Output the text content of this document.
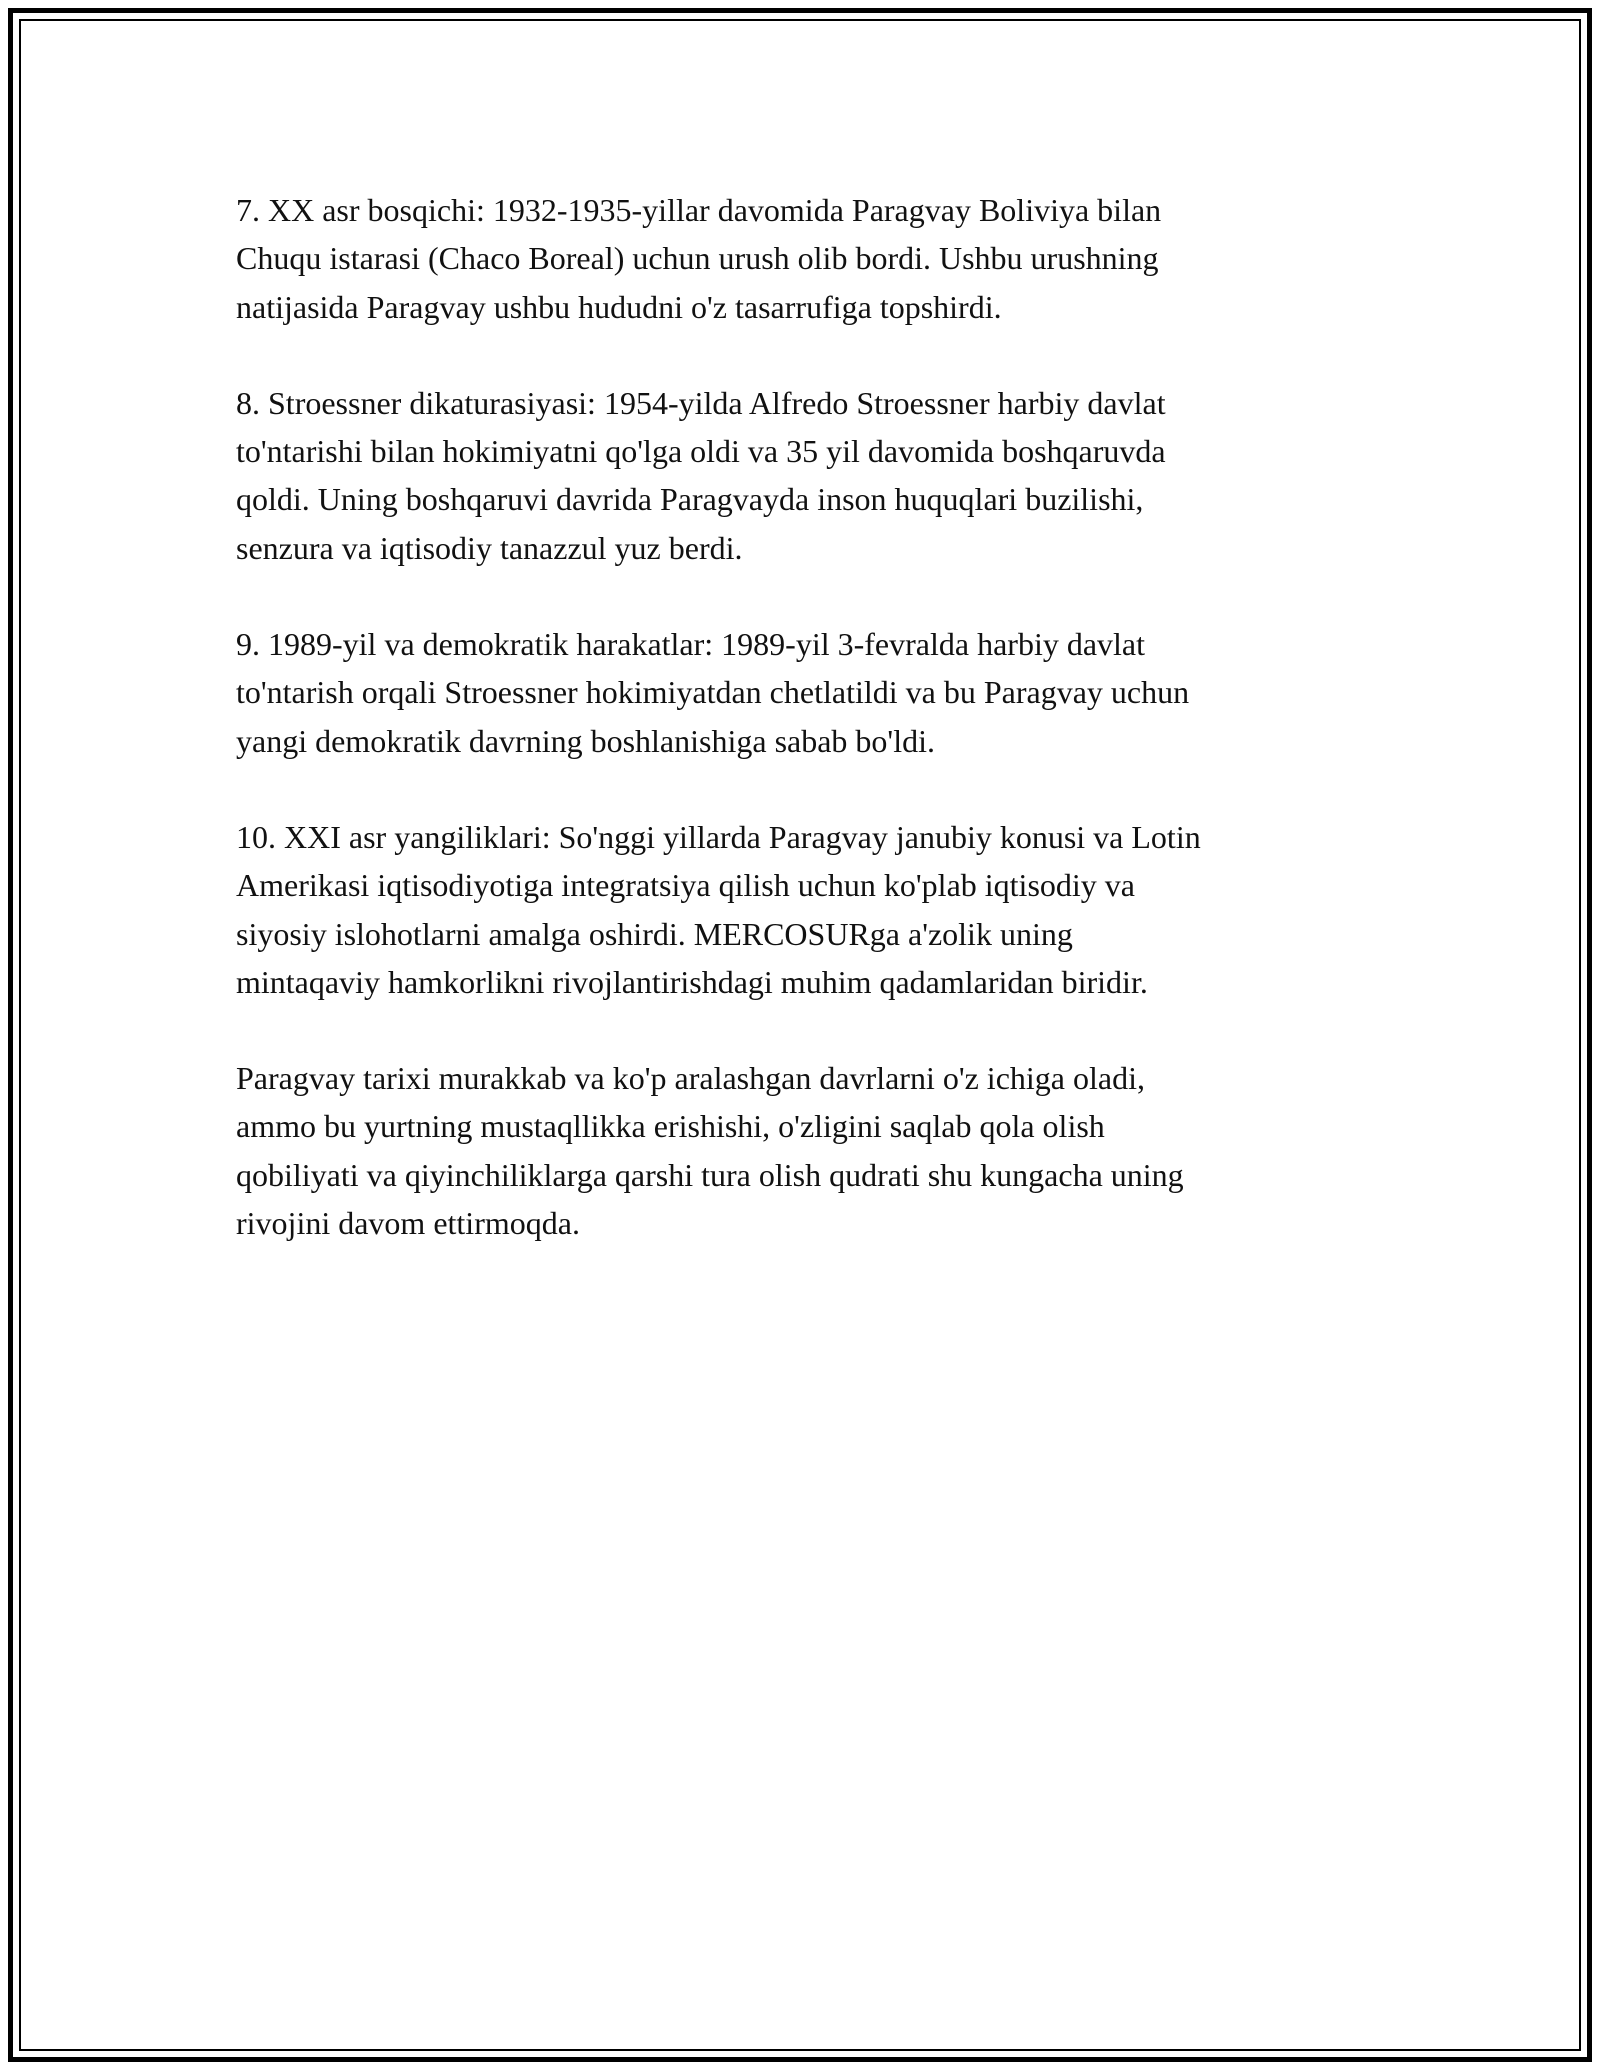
7. XX asr bosqichi: 1932-1935-yillar davomida Paragvay Boliviya bilan
Chuqu istarasi (Chaco Boreal) uchun urush olib bordi. Ushbu urushning
natijasida Paragvay ushbu hududni o'z tasarrufiga topshirdi.

8. Stroessner dikaturasiyasi: 1954-yilda Alfredo Stroessner harbiy davlat
to'ntarishi bilan hokimiyatni qo'lga oldi va 35 yil davomida boshqaruvda
qoldi. Uning boshqaruvi davrida Paragvayda inson huquqlari buzilishi,
senzura va iqtisodiy tanazzul yuz berdi.

9. 1989-yil va demokratik harakatlar: 1989-yil 3-fevralda harbiy davlat
to'ntarish orqali Stroessner hokimiyatdan chetlatildi va bu Paragvay uchun
yangi demokratik davrning boshlanishiga sabab bo'ldi.

10. XXI asr yangiliklari: So'nggi yillarda Paragvay janubiy konusi va Lotin
Amerikasi iqtisodiyotiga integratsiya qilish uchun ko'plab iqtisodiy va
siyosiy islohotlarni amalga oshirdi. MERCOSURga a'zolik uning
mintaqaviy hamkorlikni rivojlantirishdagi muhim qadamlaridan biridir.

Paragvay tarixi murakkab va ko'p aralashgan davrlarni o'z ichiga oladi,
ammo bu yurtning mustaqllikka erishishi, o'zligini saqlab qola olish
qobiliyati va qiyinchiliklarga qarshi tura olish qudrati shu kungacha uning
rivojini davom ettirmoqda.
